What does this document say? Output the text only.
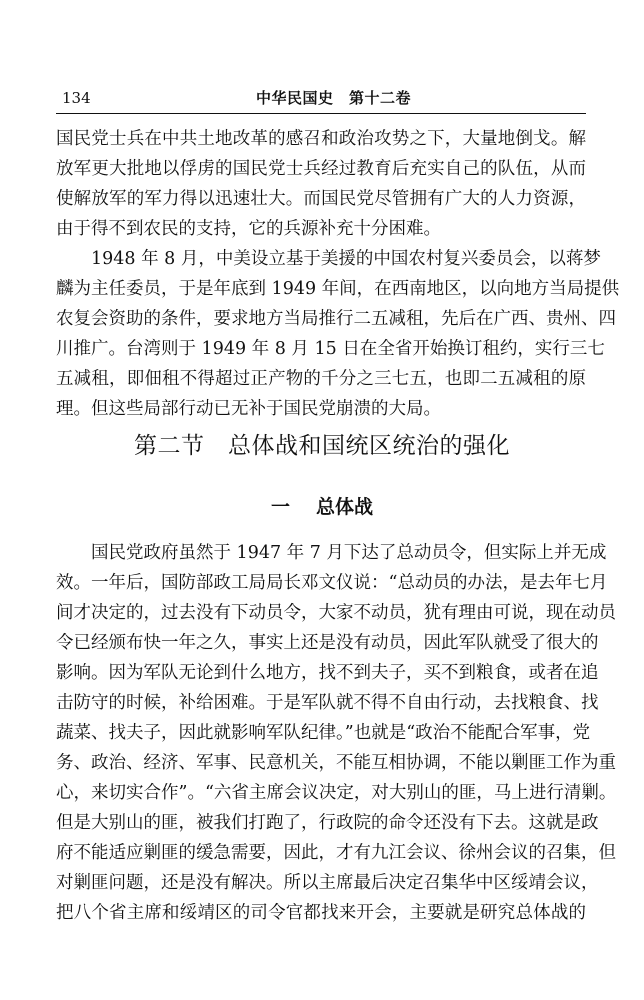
134	中华民国史　第十二卷
国民党士兵在中共土地改革的感召和政治攻势之下，大量地倒戈。解
放军更大批地以俘虏的国民党士兵经过教育后充实自己的队伍，从而
使解放军的军力得以迅速壮大。而国民党尽管拥有广大的人力资源，
由于得不到农民的支持，它的兵源补充十分困难。
1948 年 8 月，中美设立基于美援的中国农村复兴委员会，以蒋梦
麟为主任委员，于是年底到 1949 年间，在西南地区，以向地方当局提供
农复会资助的条件，要求地方当局推行二五减租，先后在广西、贵州、四
川推广。台湾则于 1949 年 8 月 15 日在全省开始换订租约，实行三七
五减租，即佃租不得超过正产物的千分之三七五，也即二五减租的原
理。但这些局部行动已无补于国民党崩溃的大局。
第二节　总体战和国统区统治的强化
一 总体战
国民党政府虽然于 1947 年 7 月下达了总动员令，但实际上并无成
效。一年后，国防部政工局局长邓文仪说：“总动员的办法，是去年七月
间才决定的，过去没有下动员令，大家不动员，犹有理由可说，现在动员
令已经颁布快一年之久，事实上还是没有动员，因此军队就受了很大的
影响。因为军队无论到什么地方，找不到夫子，买不到粮食，或者在追
击防守的时候，补给困难。于是军队就不得不自由行动，去找粮食、找
蔬菜、找夫子，因此就影响军队纪律。”也就是“政治不能配合军事，党
务、政治、经济、军事、民意机关，不能互相协调，不能以剿匪工作为重
心，来切实合作”。“六省主席会议决定，对大别山的匪，马上进行清剿。
但是大别山的匪，被我们打跑了，行政院的命令还没有下去。这就是政
府不能适应剿匪的缓急需要，因此，才有九江会议、徐州会议的召集，但
对剿匪问题，还是没有解决。所以主席最后决定召集华中区绥靖会议，
把八个省主席和绥靖区的司令官都找来开会，主要就是研究总体战的
